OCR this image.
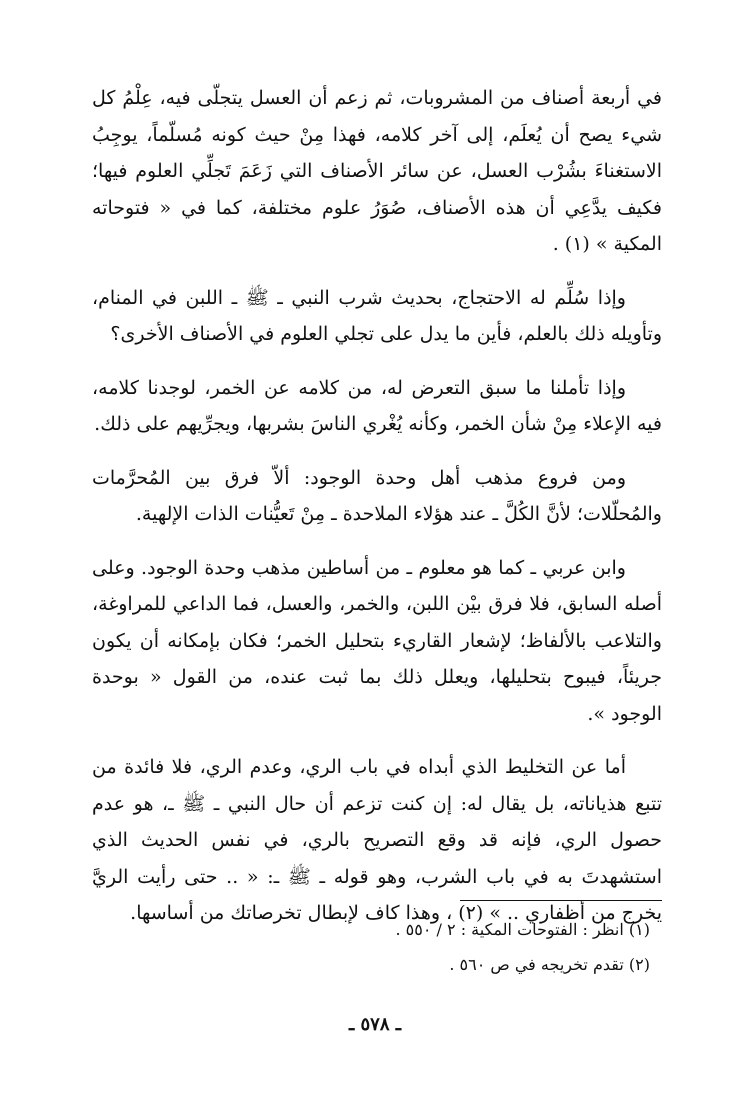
في أربعة أصناف من المشروبات، ثم زعم أن العسل يتجلّى فيه، عِلْمُ كل شيء يصح أن يُعلَم، إلى آخر كلامه، فهذا مِنْ حيث كونه مُسلّماً، يوجِبُ الاستغناءَ بشُرْب العسل، عن سائر الأصناف التي زَعَمَ تَجلِّي العلوم فيها؛ فكيف يدَّعِي أن هذه الأصناف، صُوَرُ علوم مختلفة، كما في « فتوحاته المكية » (١) .

وإذا سُلِّم له الاحتجاج، بحديث شرب النبي ـ ﷺ ـ اللبن في المنام، وتأويله ذلك بالعلم، فأين ما يدل على تجلي العلوم في الأصناف الأخرى؟

وإذا تأملنا ما سبق التعرض له، من كلامه عن الخمر، لوجدنا كلامه، فيه الإعلاء مِنْ شأن الخمر، وكأنه يُغْري الناسَ بشربها، ويجرِّيهم على ذلك.

ومن فروع مذهب أهل وحدة الوجود: ألاّ فرق بين المُحرَّمات والمُحلّلات؛ لأنَّ الكُلَّ ـ عند هؤلاء الملاحدة ـ مِنْ تَعيُّنات الذات الإلهية.

وابن عربي ـ كما هو معلوم ـ من أساطين مذهب وحدة الوجود. وعلى أصله السابق، فلا فرق بيْن اللبن، والخمر، والعسل، فما الداعي للمراوغة، والتلاعب بالألفاظ؛ لإشعار القاريء بتحليل الخمر؛ فكان بإمكانه أن يكون جريئاً، فيبوح بتحليلها، ويعلل ذلك بما ثبت عنده، من القول « بوحدة الوجود ».

أما عن التخليط الذي أبداه في باب الري، وعدم الري، فلا فائدة من تتبع هذياناته، بل يقال له: إن كنت تزعم أن حال النبي ـ ﷺ ـ، هو عدم حصول الري، فإنه قد وقع التصريح بالري، في نفس الحديث الذي استشهدتَ به في باب الشرب، وهو قوله ـ ﷺ ـ: « .. حتى رأيت الريَّ يخرج من أظفاري .. » (٢) ، وهذا كاف لإبطال تخرصاتك من أساسها.

(١) انظر : الفتوحات المكية : ٢ / ٥٥٠ .

(٢) تقدم تخريجه في ص ٥٦٠ .

ـ ٥٧٨ ـ
